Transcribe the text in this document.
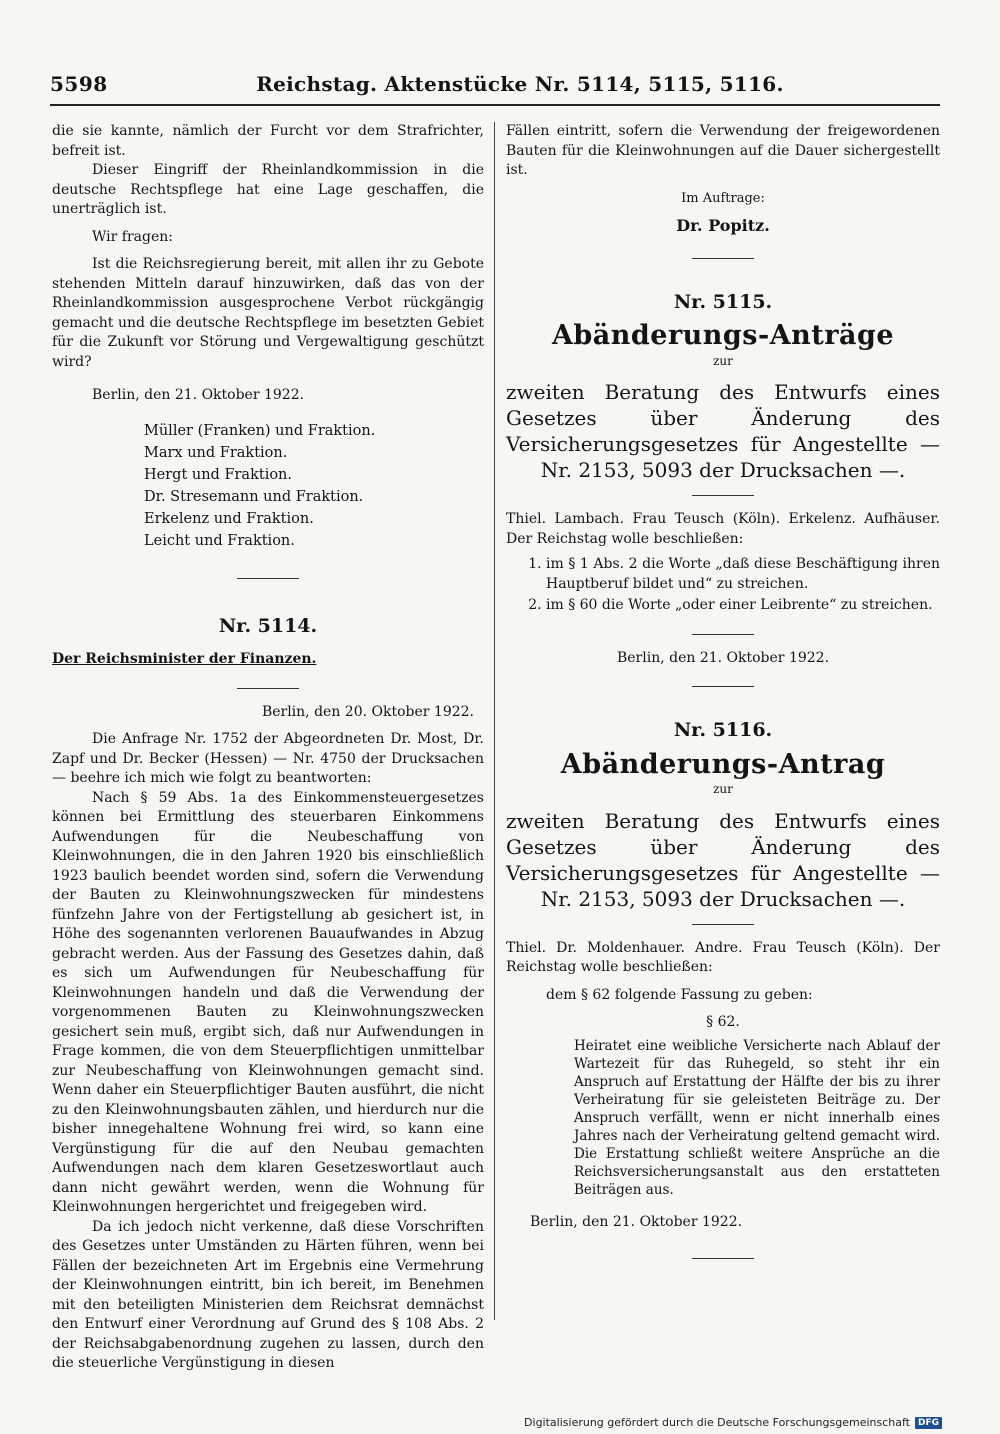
5598	Reichstag. Aktenstücke Nr. 5114, 5115, 5116.

die sie kannte, nämlich der Furcht vor dem Strafrichter, befreit ist.

Dieser Eingriff der Rheinlandkommission in die deutsche Rechtspflege hat eine Lage geschaffen, die unerträglich ist.

Wir fragen:

Ist die Reichsregierung bereit, mit allen ihr zu Gebote stehenden Mitteln darauf hinzuwirken, daß das von der Rheinlandkommission ausgesprochene Verbot rückgängig gemacht und die deutsche Rechtspflege im besetzten Gebiet für die Zukunft vor Störung und Vergewaltigung geschützt wird?

Berlin, den 21. Oktober 1922.

Müller (Franken) und Fraktion.
Marx und Fraktion.
Hergt und Fraktion.
Dr. Stresemann und Fraktion.
Erkelenz und Fraktion.
Leicht und Fraktion.
Nr. 5114.

Der Reichsminister der Finanzen.

Berlin, den 20. Oktober 1922.

Die Anfrage Nr. 1752 der Abgeordneten Dr. Most, Dr. Zapf und Dr. Becker (Hessen) — Nr. 4750 der Drucksachen — beehre ich mich wie folgt zu beantworten:

Nach § 59 Abs. 1a des Einkommensteuergesetzes können bei Ermittlung des steuerbaren Einkommens Aufwendungen für die Neubeschaffung von Kleinwohnungen, die in den Jahren 1920 bis einschließlich 1923 baulich beendet worden sind, sofern die Verwendung der Bauten zu Kleinwohnungszwecken für mindestens fünfzehn Jahre von der Fertigstellung ab gesichert ist, in Höhe des sogenannten verlorenen Bauaufwandes in Abzug gebracht werden. Aus der Fassung des Gesetzes dahin, daß es sich um Aufwendungen für Neubeschaffung für Kleinwohnungen handeln und daß die Verwendung der vorgenommenen Bauten zu Kleinwohnungszwecken gesichert sein muß, ergibt sich, daß nur Aufwendungen in Frage kommen, die von dem Steuerpflichtigen unmittelbar zur Neubeschaffung von Kleinwohnungen gemacht sind. Wenn daher ein Steuerpflichtiger Bauten ausführt, die nicht zu den Kleinwohnungsbauten zählen, und hierdurch nur die bisher innegehaltene Wohnung frei wird, so kann eine Vergünstigung für die auf den Neubau gemachten Aufwendungen nach dem klaren Gesetzeswortlaut auch dann nicht gewährt werden, wenn die Wohnung für Kleinwohnungen hergerichtet und freigegeben wird.

Da ich jedoch nicht verkenne, daß diese Vorschriften des Gesetzes unter Umständen zu Härten führen, wenn bei Fällen der bezeichneten Art im Ergebnis eine Vermehrung der Kleinwohnungen eintritt, bin ich bereit, im Benehmen mit den beteiligten Ministerien dem Reichsrat demnächst den Entwurf einer Verordnung auf Grund des § 108 Abs. 2 der Reichsabgabenordnung zugehen zu lassen, durch den die steuerliche Vergünstigung in diesen

Fällen eintritt, sofern die Verwendung der freigewordenen Bauten für die Kleinwohnungen auf die Dauer sichergestellt ist.

Im Auftrage:

Dr. Popitz.

Nr. 5115.
Abänderungs-Anträge
zur

zweiten Beratung des Entwurfs eines Gesetzes über Änderung des Versicherungsgesetzes für Angestellte — Nr. 2153, 5093 der Drucksachen —.

Thiel. Lambach. Frau Teusch (Köln). Erkelenz. Aufhäuser. Der Reichstag wolle beschließen:

1. im § 1 Abs. 2 die Worte „daß diese Beschäftigung ihren Hauptberuf bildet und“ zu streichen.
2. im § 60 die Worte „oder einer Leibrente“ zu streichen.

Berlin, den 21. Oktober 1922.

Nr. 5116.
Abänderungs-Antrag
zur

zweiten Beratung des Entwurfs eines Gesetzes über Änderung des Versicherungsgesetzes für Angestellte — Nr. 2153, 5093 der Drucksachen —.

Thiel. Dr. Moldenhauer. Andre. Frau Teusch (Köln). Der Reichstag wolle beschließen:

dem § 62 folgende Fassung zu geben:

§ 62.

Heiratet eine weibliche Versicherte nach Ablauf der Wartezeit für das Ruhegeld, so steht ihr ein Anspruch auf Erstattung der Hälfte der bis zu ihrer Verheiratung für sie geleisteten Beiträge zu. Der Anspruch verfällt, wenn er nicht innerhalb eines Jahres nach der Verheiratung geltend gemacht wird. Die Erstattung schließt weitere Ansprüche an die Reichsversicherungsanstalt aus den erstatteten Beiträgen aus.

Berlin, den 21. Oktober 1922.

Digitalisierung gefördert durch die Deutsche Forschungsgemeinschaft DFG
